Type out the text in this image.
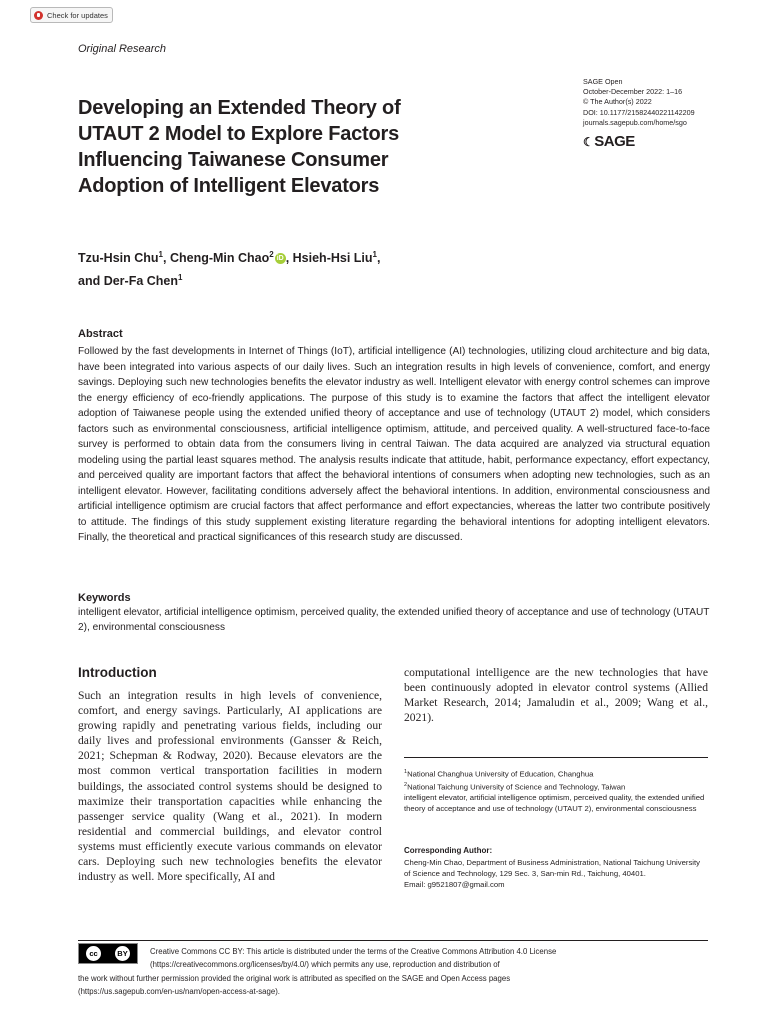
Check for updates
Original Research
SAGE Open
October-December 2022: 1–16
© The Author(s) 2022
DOI: 10.1177/21582440221142209
journals.sagepub.com/home/sgo
☾ SAGE
Developing an Extended Theory of
UTAUT 2 Model to Explore Factors
Influencing Taiwanese Consumer
Adoption of Intelligent Elevators
Tzu-Hsin Chu$^1$, Cheng-Min Chao$^2$ iD , Hsieh-Hsi Liu$^1$,
and Der-Fa Chen$^1$
Abstract
Followed by the fast developments in Internet of Things (IoT), artificial intelligence (AI) technologies, utilizing cloud architecture and big data, have been integrated into various aspects of our daily lives. Such an integration results in high levels of convenience, comfort, and energy savings. Deploying such new technologies benefits the elevator industry as well. Intelligent elevator with energy control schemes can improve the energy efficiency of eco-friendly applications. The purpose of this study is to examine the factors that affect the intelligent elevator adoption of Taiwanese people using the extended unified theory of acceptance and use of technology (UTAUT 2) model, which considers factors such as environmental consciousness, artificial intelligence optimism, attitude, and perceived quality. A well-structured face-to-face survey is performed to obtain data from the consumers living in central Taiwan. The data acquired are analyzed via structural equation modeling using the partial least squares method. The analysis results indicate that attitude, habit, performance expectancy, effort expectancy, and perceived quality are important factors that affect the behavioral intentions of consumers when adopting new technologies, such as an intelligent elevator. However, facilitating conditions adversely affect the behavioral intentions. In addition, environmental consciousness and artificial intelligence optimism are crucial factors that affect performance and effort expectancies, whereas the latter two contribute positively to attitude. The findings of this study supplement existing literature regarding the behavioral intentions for adopting intelligent elevators. Finally, the theoretical and practical significances of this research study are discussed.
Keywords
intelligent elevator, artificial intelligence optimism, perceived quality, the extended unified theory of acceptance and use of technology (UTAUT 2), environmental consciousness
Introduction
Such an integration results in high levels of convenience, comfort, and energy savings. Particularly, AI applications are growing rapidly and penetrating various fields, including our daily lives and professional environments (Gansser & Reich, 2021; Schepman & Rodway, 2020). Because elevators are the most common vertical transportation facilities in modern buildings, the associated control systems should be designed to maximize their transportation capacities while enhancing the passenger service quality (Wang et al., 2021). In modern residential and commercial buildings, and elevator control systems must efficiently execute various commands on elevator cars. Deploying such new technologies benefits the elevator industry as well. More specifically, AI and
computational intelligence are the new technologies that have been continuously adopted in elevator control systems (Allied Market Research, 2014; Jamaludin et al., 2009; Wang et al., 2021).
$^1$National Changhua University of Education, Changhua
$^2$National Taichung University of Science and Technology, Taiwan
intelligent elevator, artificial intelligence optimism, perceived quality, the extended unified theory of acceptance and use of technology (UTAUT 2), environmental consciousness
Corresponding Author:
Cheng-Min Chao, Department of Business Administration, National Taichung University of Science and Technology, 129 Sec. 3, San-min Rd., Taichung, 40401.
Email: g9521807@gmail.com
cc	BY	Creative Commons CC BY: This article is distributed under the terms of the Creative Commons Attribution 4.0 License
(https://creativecommons.org/licenses/by/4.0/) which permits any use, reproduction and distribution of
the work without further permission provided the original work is attributed as specified on the SAGE and Open Access pages
(https://us.sagepub.com/en-us/nam/open-access-at-sage).
